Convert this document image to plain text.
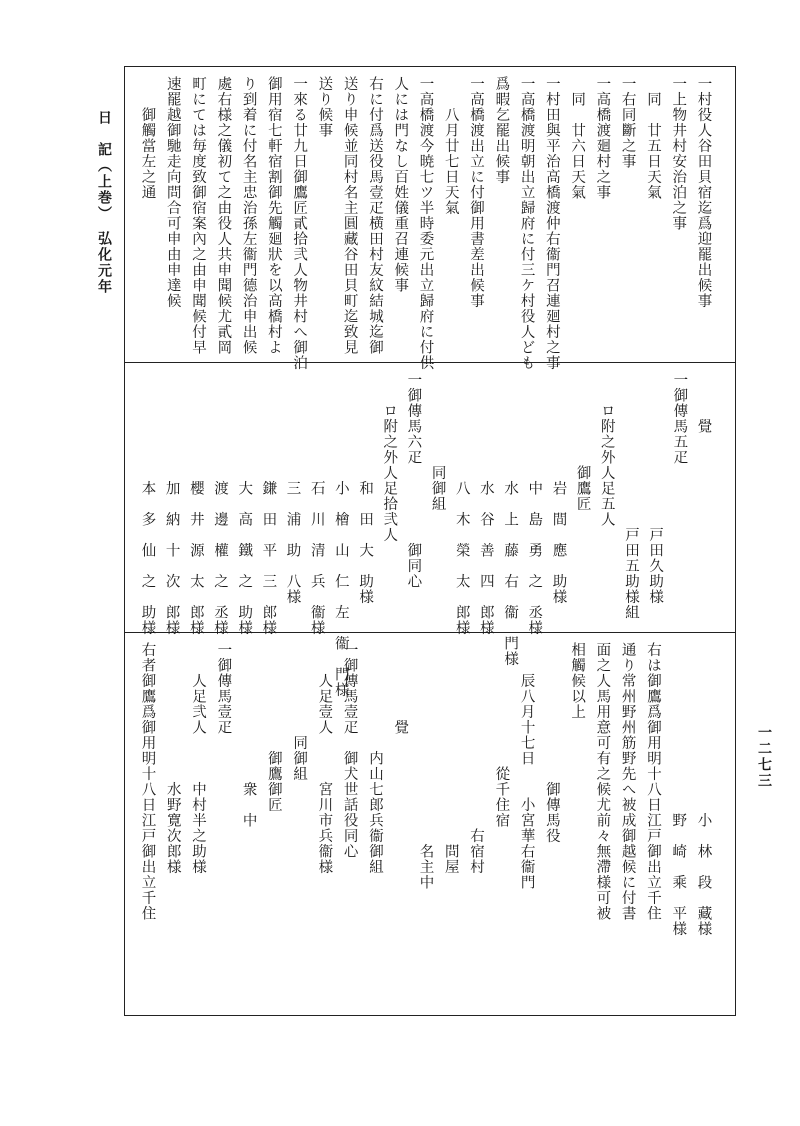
日　記（上巻）　弘化元年
一二七三
一村役人谷田貝宿迄爲迎罷出候事
一上物井村安治泊之事
　同　廿五日天氣
一右同斷之事
一高橋渡廻村之事
　同　廿六日天氣
一村田與平治高橋渡仲右衞門召連廻村之事
一高橋渡明朝出立歸府に付三ケ村役人ども
爲暇乞罷出候事
一高橋渡出立に付御用書差出候事
　　八月廿七日天氣
一高橋渡今暁七ツ半時委元出立歸府に付供
人には門なし百姓儀重召連候事
右に付爲送役馬壹疋横田村友紋結城迄御
送り申候並同村名主圓藏谷田貝町迄致見
送り候事
一來る廿九日御鷹匠貳拾弐人物井村へ御泊
御用宿七軒宿割御先觸廻狀を以高橋村よ
り到着に付名主忠治孫左衞門德治申出候
處右様之儀初て之由役人共申聞候尤貳岡
町にては毎度致御宿案內之由申聞候付早
速罷越御馳走向問合可申由申達候
　　御觸當左之通
　　　覺
一御傳馬五疋
　　　　　　　　　　戸田久助様
　　　　　　　　　　戸田五助様組
　　ロ附之外人足五人
　　　　　　御鷹匠
　　　　　　　岩　間　應　助様
　　　　　　　中　島　勇　之　丞様
　　　　　　　水　上　藤　右　衞　門様
　　　　　　　水　谷　善　四　郎様
　　　　　　　八　木　榮　太　郎様
　　　　　　同御組
一御傳馬六疋　　　　　御同心
　　ロ附之外人足拾弐人
　　　　　　　和　田　大　助様
　　　　　　　小　檜　山　仁　左　衞　門様
　　　　　　　石　川　清　兵　衞様
　　　　　　　三　浦　助　八様
　　　　　　　鎌　田　平　三　郎様
　　　　　　　大　高　鐵　之　助様
　　　　　　　渡　邊　權　之　丞様
　　　　　　　櫻　井　源　太　郎様
　　　　　　　加　納　十　次　郎様
　　　　　　　本　多　仙　之　助様
　　　　　　　　　　　小　林　段　藏様
　　　　　　　　　　　野　崎　乘　平様
右は御鷹爲御用明十八日江戸御出立千住
通り常州野州筋野先へ被成御越候に付書
面之人馬用意可有之候尤前々無滯様可被
相觸候以上
　　　　　　　　　御傳馬役
　　辰八月十七日　　小宮華右衞門
　　　　　　　　從千住宿
　　　　　　　　　　　　右宿村
　　　　　　　　　　　　　問屋
　　　　　　　　　　　　　名主中
　　　　　覺
　　　　　　　内山七郎兵衞御組
一御傳馬壹疋　御犬世話役同心
　　人足壹人　　　宮川市兵衞様
　　　　　　同御組
　　　　　　　御鷹御匠
　　　　　　　　　衆　中
一御傳馬壹疋
　　人足弐人　　　中村半之助様
　　　　　　　　　水野寛次郎様
右者御鷹爲御用明十八日江戸御出立千住
